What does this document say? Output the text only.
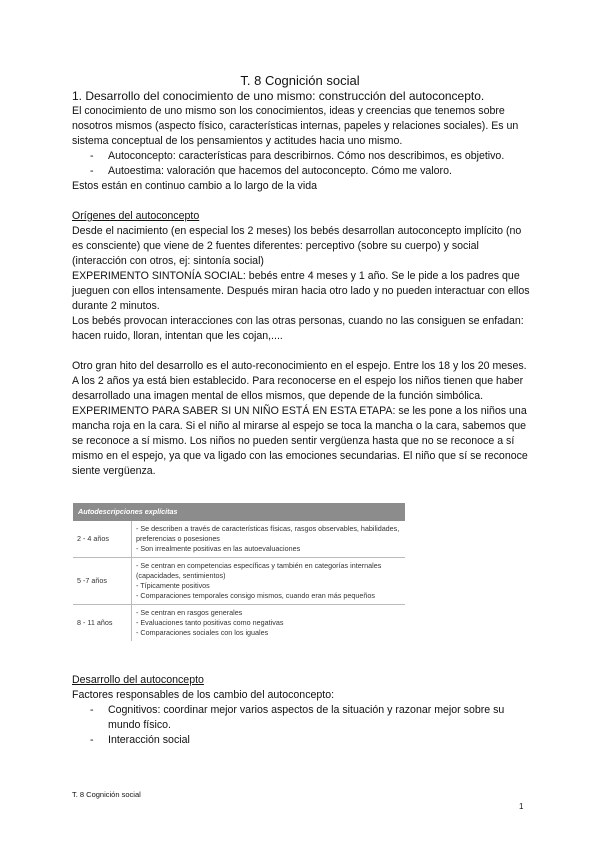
T. 8 Cognición social

1. Desarrollo del conocimiento de uno mismo: construcción del autoconcepto.

El conocimiento de uno mismo son los conocimientos, ideas y creencias que tenemos sobre nosotros mismos (aspecto físico, características internas, papeles y relaciones sociales). Es un sistema conceptual de los pensamientos y actitudes hacia uno mismo.

- Autoconcepto: características para describirnos. Cómo nos describimos, es objetivo.
- Autoestima: valoración que hacemos del autoconcepto. Cómo me valoro.

Estos están en continuo cambio a lo largo de la vida

Orígenes del autoconcepto

Desde el nacimiento (en especial los 2 meses) los bebés desarrollan autoconcepto implícito (no es consciente) que viene de 2 fuentes diferentes: perceptivo (sobre su cuerpo) y social (interacción con otros, ej: sintonía social)

EXPERIMENTO SINTONÍA SOCIAL: bebés entre 4 meses y 1 año. Se le pide a los padres que jueguen con ellos intensamente. Después miran hacia otro lado y no pueden interactuar con ellos durante 2 minutos.

Los bebés provocan interacciones con las otras personas, cuando no las consiguen se enfadan: hacen ruido, lloran, intentan que les cojan,....

Otro gran hito del desarrollo es el auto-reconocimiento en el espejo. Entre los 18 y los 20 meses. A los 2 años ya está bien establecido. Para reconocerse en el espejo los niños tienen que haber desarrollado una imagen mental de ellos mismos, que depende de la función simbólica.

EXPERIMENTO PARA SABER SI UN NIÑO ESTÁ EN ESTA ETAPA: se les pone a los niños una mancha roja en la cara. Si el niño al mirarse al espejo se toca la mancha o la cara, sabemos que se reconoce a sí mismo. Los niños no pueden sentir vergüenza hasta que no se reconoce a sí mismo en el espejo, ya que va ligado con las emociones secundarias. El niño que sí se reconoce siente vergüenza.

Autodescripciones explícitas
2 - 4 años
- Se describen a través de características físicas, rasgos observables, habilidades, preferencias o posesiones
- Son irrealmente positivas en las autoevaluaciones
5 -7 años
- Se centran en competencias específicas y también en categorías internales (capacidades, sentimientos)
- Típicamente positivos
- Comparaciones temporales consigo mismos, cuando eran más pequeños
8 - 11 años
- Se centran en rasgos generales
- Evaluaciones tanto positivas como negativas
- Comparaciones sociales con los iguales

Desarrollo del autoconcepto

Factores responsables de los cambio del autoconcepto:

- Cognitivos: coordinar mejor varios aspectos de la situación y razonar mejor sobre su mundo físico.
- Interacción social
T. 8 Cognición social
1
